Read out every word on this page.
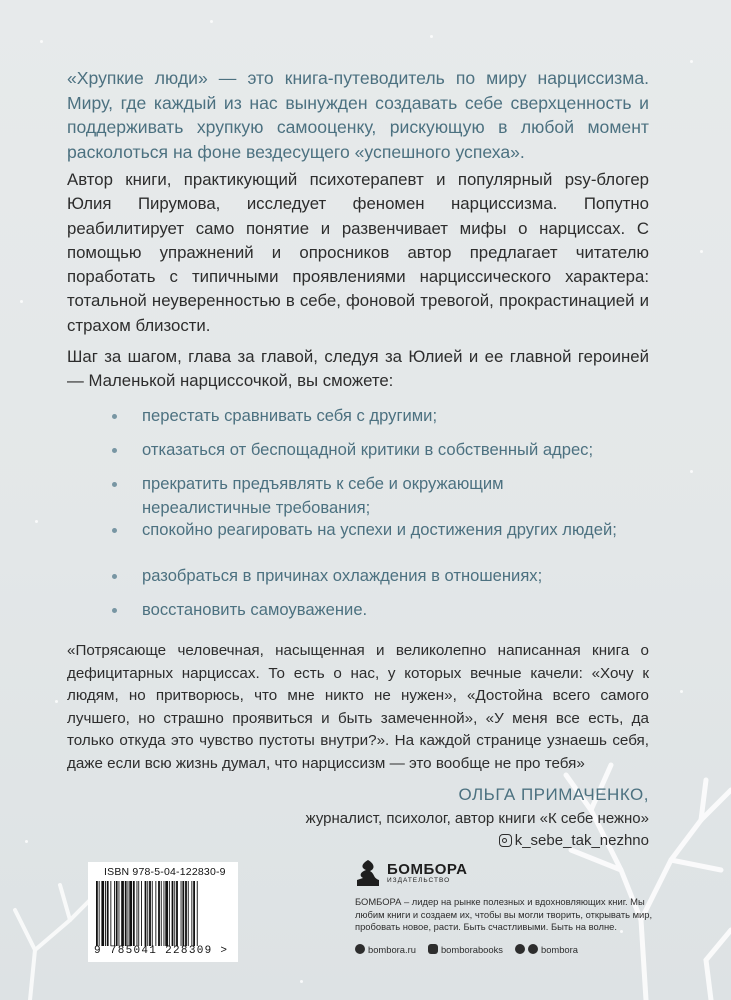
«Хрупкие люди» — это книга-путеводитель по миру нарциссизма. Миру, где каждый из нас вынужден создавать себе сверхценность и поддерживать хрупкую самооценку, рискующую в любой момент расколоться на фоне вездесущего «успешного успеха».

Автор книги, практикующий психотерапевт и популярный psy-блогер Юлия Пирумова, исследует феномен нарциссизма. Попутно реабилитирует само понятие и развенчивает мифы о нарциссах. С помощью упражнений и опросников автор предлагает читателю поработать с типичными проявлениями нарциссического характера: тотальной неуверенностью в себе, фоновой тревогой, прокрастинацией и страхом близости.

Шаг за шагом, глава за главой, следуя за Юлией и ее главной героиней — Маленькой нарциссочкой, вы сможете:

перестать сравнивать себя с другими;
отказаться от беспощадной критики в собственный адрес;
прекратить предъявлять к себе и окружающим нереалистичные требования;
спокойно реагировать на успехи и достижения других людей;
разобраться в причинах охлаждения в отношениях;
восстановить самоуважение.

«Потрясающе человечная, насыщенная и великолепно написанная книга о дефицитарных нарциссах. То есть о нас, у которых вечные качели: «Хочу к людям, но притворюсь, что мне никто не нужен», «Достойна всего самого лучшего, но страшно проявиться и быть замеченной», «У меня все есть, да только откуда это чувство пустоты внутри?». На каждой странице узнаешь себя, даже если всю жизнь думал, что нарциссизм — это вообще не про тебя»

ОЛЬГА ПРИМАЧЕНКО,

журналист, психолог, автор книги «К себе нежно»

k_sebe_tak_nezhno

ISBN 978-5-04-122830-9

9 785041 228309 >

БОМБОРА
ИЗДАТЕЛЬСТВО

БОМБОРА – лидер на рынке полезных и вдохновляющих книг. Мы любим книги и создаем их, чтобы вы могли творить, открывать мир, пробовать новое, расти. Быть счастливыми. Быть на волне.

bombora.ru	bomborabooks	bombora
